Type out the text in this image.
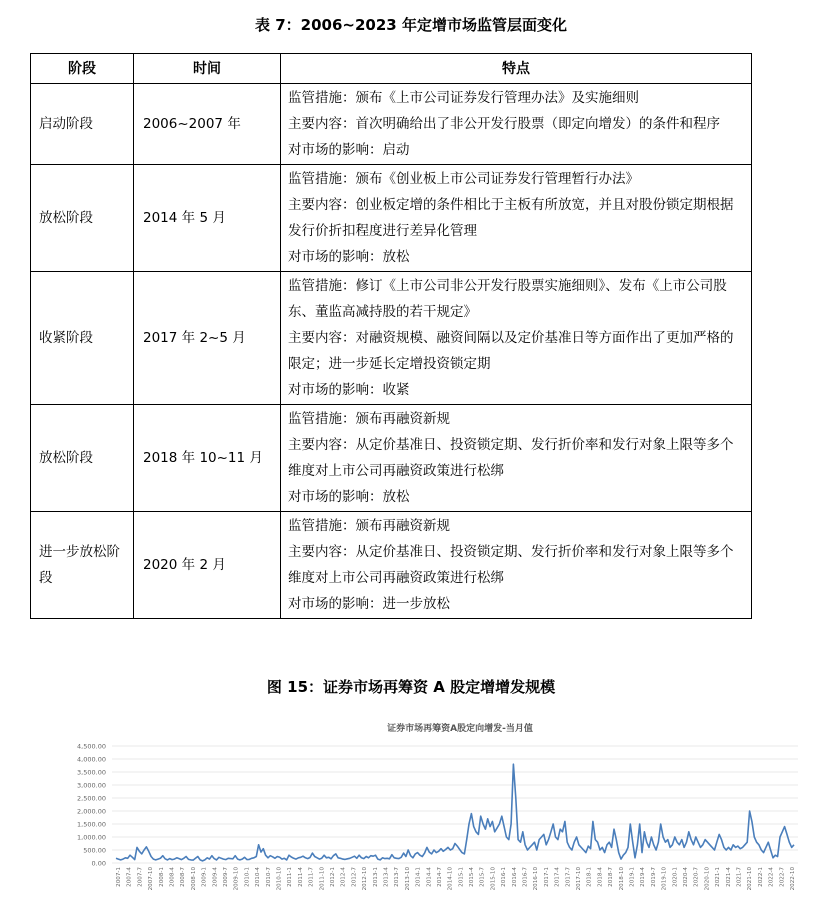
表 7：2006~2023 年定增市场监管层面变化
阶段	时间	特点
启动阶段	2006~2007 年	监管措施：颁布《上市公司证券发行管理办法》及实施细则
主要内容：首次明确给出了非公开发行股票（即定向增发）的条件和程序
对市场的影响：启动

放松阶段	2014 年 5 月	监管措施：颁布《创业板上市公司证券发行管理暂行办法》
主要内容：创业板定增的条件相比于主板有所放宽，并且对股份锁定期根据发行价折扣程度进行差异化管理
对市场的影响：放松

收紧阶段	2017 年 2~5 月	监管措施：修订《上市公司非公开发行股票实施细则》、发布《上市公司股东、董监高减持股的若干规定》
主要内容：对融资规模、融资间隔以及定价基准日等方面作出了更加严格的限定；进一步延长定增投资锁定期
对市场的影响：收紧

放松阶段	2018 年 10~11 月	监管措施：颁布再融资新规
主要内容：从定价基准日、投资锁定期、发行折价率和发行对象上限等多个维度对上市公司再融资政策进行松绑
对市场的影响：放松

进一步放松阶段	2020 年 2 月	监管措施：颁布再融资新规
主要内容：从定价基准日、投资锁定期、发行折价率和发行对象上限等多个维度对上市公司再融资政策进行松绑
对市场的影响：进一步放松
图 15：证券市场再筹资 A 股定增增发规模
证券市场再筹资A股定向增发-当月值
0.00
500.00
1,000.00
1,500.00
2,000.00
2,500.00
3,000.00
3,500.00
4,000.00
4,500.00
2007-1 2007-4 2007-7 2007-10 2008-1 2008-4 2008-7 2008-10 2009-1 2009-4 2009-7 2009-10 2010-1 2010-4 2010-7 2010-10 2011-1 2011-4 2011-7 2011-10 2012-1 2012-4 2012-7 2012-10 2013-1 2013-4 2013-7 2013-10 2014-1 2014-4 2014-7 2014-10 2015-1 2015-4 2015-7 2015-10 2016-1 2016-4 2016-7 2016-10 2017-1 2017-4 2017-7 2017-10 2018-1 2018-4 2018-7 2018-10 2019-1 2019-4 2019-7 2019-10 2020-1 2020-4 2020-7 2020-10 2021-1 2021-4 2021-7 2021-10 2022-1 2022-4 2022-7 2022-10
